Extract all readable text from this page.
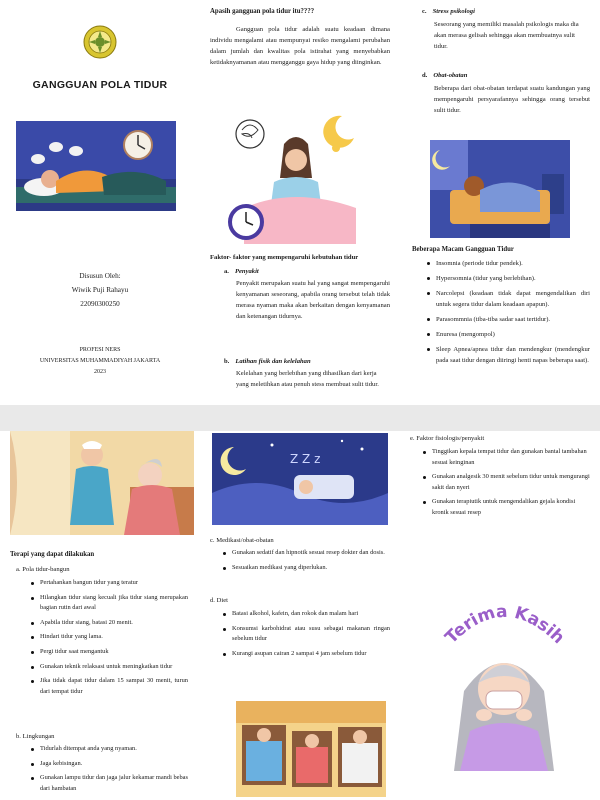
GANGGUAN POLA TIDUR
Disusun Oleh:
Wiwik Puji Rahayu
22090300250
PROFESI NERS
UNIVERSITAS MUHAMMADIYAH JAKARTA
2023
Apasih gangguan pola tidur itu????
Gangguan pola tidur adalah suatu keadaan dimana individu mengalami atau mempunyai resiko mengalami perubahan dalam jumlah dan kwalitas pola istirahat yang menyebabkan ketidaknyamanan atau mengganggu gaya hidup yang diinginkan.
Faktor- faktor yang mempengaruhi kebutuhan tidur
a. Penyakit
Penyakit merupakan suatu hal yang sangat mempengaruhi kenyamanan seseorang, apabila orang tersebut telah tidak merasa nyaman maka akan berkaitan dengan kenyamanan dan ketenangan tidurnya.
b. Latihan fisik dan kelelahan
Kelelahan yang berlebihan yang dihasilkan dari kerja yang meletihkan atau penuh stess membuat sulit tidur.
c. Stress psikologi
Seseorang yang memiliki masalah psikologis maka dia akan merasa gelisah sehingga akan membuatnya sulit tidur.
d. Obat-obatan
Beberapa dari obat-obatan terdapat suatu kandungan yang mempengaruhi persyarafannya sehingga orang tersebut sulit tidur.
Beberapa Macam Gangguan Tidur
Insomnia (periode tidur pendek).
Hypersomnia (tidur yang berlebihan).
Narcolepsi (keadaan tidak dapat mengendalikan diri untuk segera tidur dalam keadaan apapun).
Parasommnia (tiba-tiba sadar saat tertidur).
Enuresa (mengompol)
Sleep Apnea/apnea tidur dan mendengkur (mendengkur pada saat tidur dengan diiringi henti napas beberapa saat).
Terapi yang dapat dilakukan
a. Pola tidur-bangun
Pertahankan bangun tidur yang teratur
Hilangkan tidur siang kecuali jika tidur siang merupakan bagian rutin dari awal
Apabila tidur siang, batasi 20 menit.
Hindari tidur yang lama.
Pergi tidur saat mengantuk
Gunakan teknik relaksasi untuk meningkatkan tidur
Jika tidak dapat tidur dalam 15 sampai 30 menit, turun dari tempat tidur
b. Lingkungan
Tidurlah ditempat anda yang nyaman.
Jaga kebisingan.
Gunakan lampu tidur dan jaga jalur kekamar mandi bebas dari hambatan
Z Z z
c. Medikasi/obat-obatan
Gunakan sedatif dan hipnotik sesuai resep dokter dan dosis.
Sesuaikan medikasi yang diperlukan.
d. Diet
Batasi alkohol, kafein, dan rokok dan malam hari
Konsumsi karbohidrat atau susu sebagai makanan ringan sebelum tidur
Kurangi asupan cairan 2 sampai 4 jam sebelum tidur
e. Faktor fisiologis/penyakit
Tinggikan kepala tempat tidur dan gunakan bantal tambahan sesuai keinginan
Gunakan analgesik 30 menit sebelum tidur untuk mengurangi sakit dan nyeri
Gunakan terapiutik untuk mengendalikan gejala kondisi kronik sesuai resep
Terima Kasih
